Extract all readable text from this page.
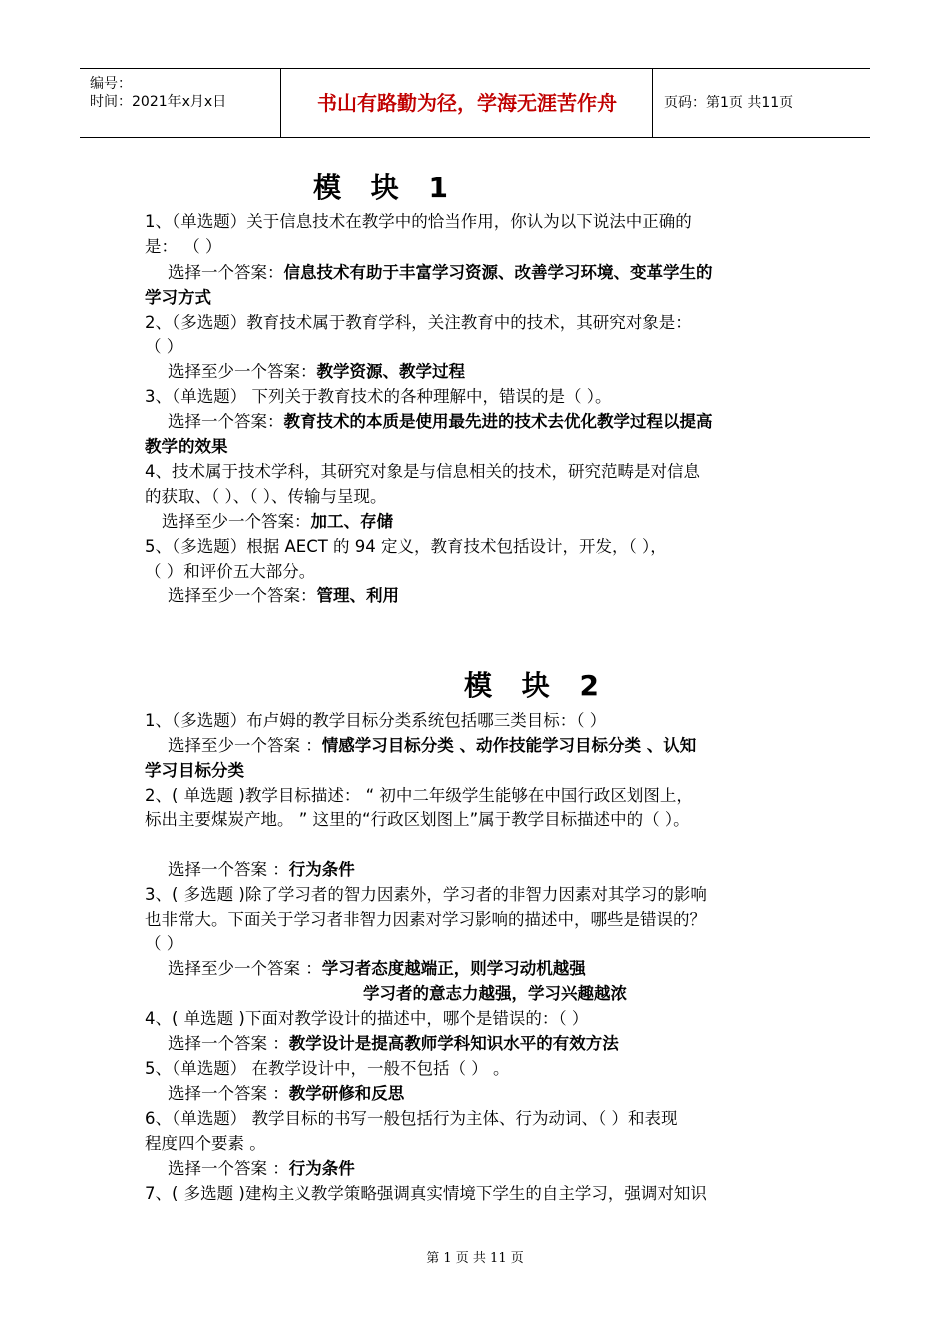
编号：
时间：2021年x月x日	书山有路勤为径，学海无涯苦作舟	页码：第1页 共11页
模 块 1
1、（单选题）关于信息技术在教学中的恰当作用，你认为以下说法中正确的
是： （ ）
选择一个答案：信息技术有助于丰富学习资源、改善学习环境、变革学生的
学习方式
2、（多选题）教育技术属于教育学科，关注教育中的技术，其研究对象是：
（ ）
选择至少一个答案：教学资源、教学过程
3、（单选题） 下列关于教育技术的各种理解中，错误的是（ ）。
选择一个答案：教育技术的本质是使用最先进的技术去优化教学过程以提高
教学的效果
4、技术属于技术学科，其研究对象是与信息相关的技术，研究范畴是对信息
的获取、（ ）、（ ）、传输与呈现。
选择至少一个答案：加工、存储
5、（多选题）根据 AECT 的 94 定义，教育技术包括设计，开发，（ ），
（ ）和评价五大部分。
选择至少一个答案：管理、利用
模 块 2
1、（多选题）布卢姆的教学目标分类系统包括哪三类目标：（ ）
选择至少一个答案 ：情感学习目标分类 、动作技能学习目标分类 、认知
学习目标分类
2、( 单选题 )教学目标描述： “ 初中二年级学生能够在中国行政区划图上，
标出主要煤炭产地。 ” 这里的“行政区划图上”属于教学目标描述中的（ ）。
选择一个答案 ：行为条件
3、( 多选题 )除了学习者的智力因素外，学习者的非智力因素对其学习的影响
也非常大。下面关于学习者非智力因素对学习影响的描述中，哪些是错误的？
（ ）
选择至少一个答案 ：学习者态度越端正，则学习动机越强
学习者的意志力越强，学习兴趣越浓
4、( 单选题 )下面对教学设计的描述中，哪个是错误的：（ ）
选择一个答案 ：教学设计是提高教师学科知识水平的有效方法
5、（单选题） 在教学设计中，一般不包括（ ） 。
选择一个答案 ：教学研修和反思
6、（单选题） 教学目标的书写一般包括行为主体、行为动词、（ ）和表现
程度四个要素 。
选择一个答案 ：行为条件
7、( 多选题 )建构主义教学策略强调真实情境下学生的自主学习，强调对知识
第 1 页 共 11 页
